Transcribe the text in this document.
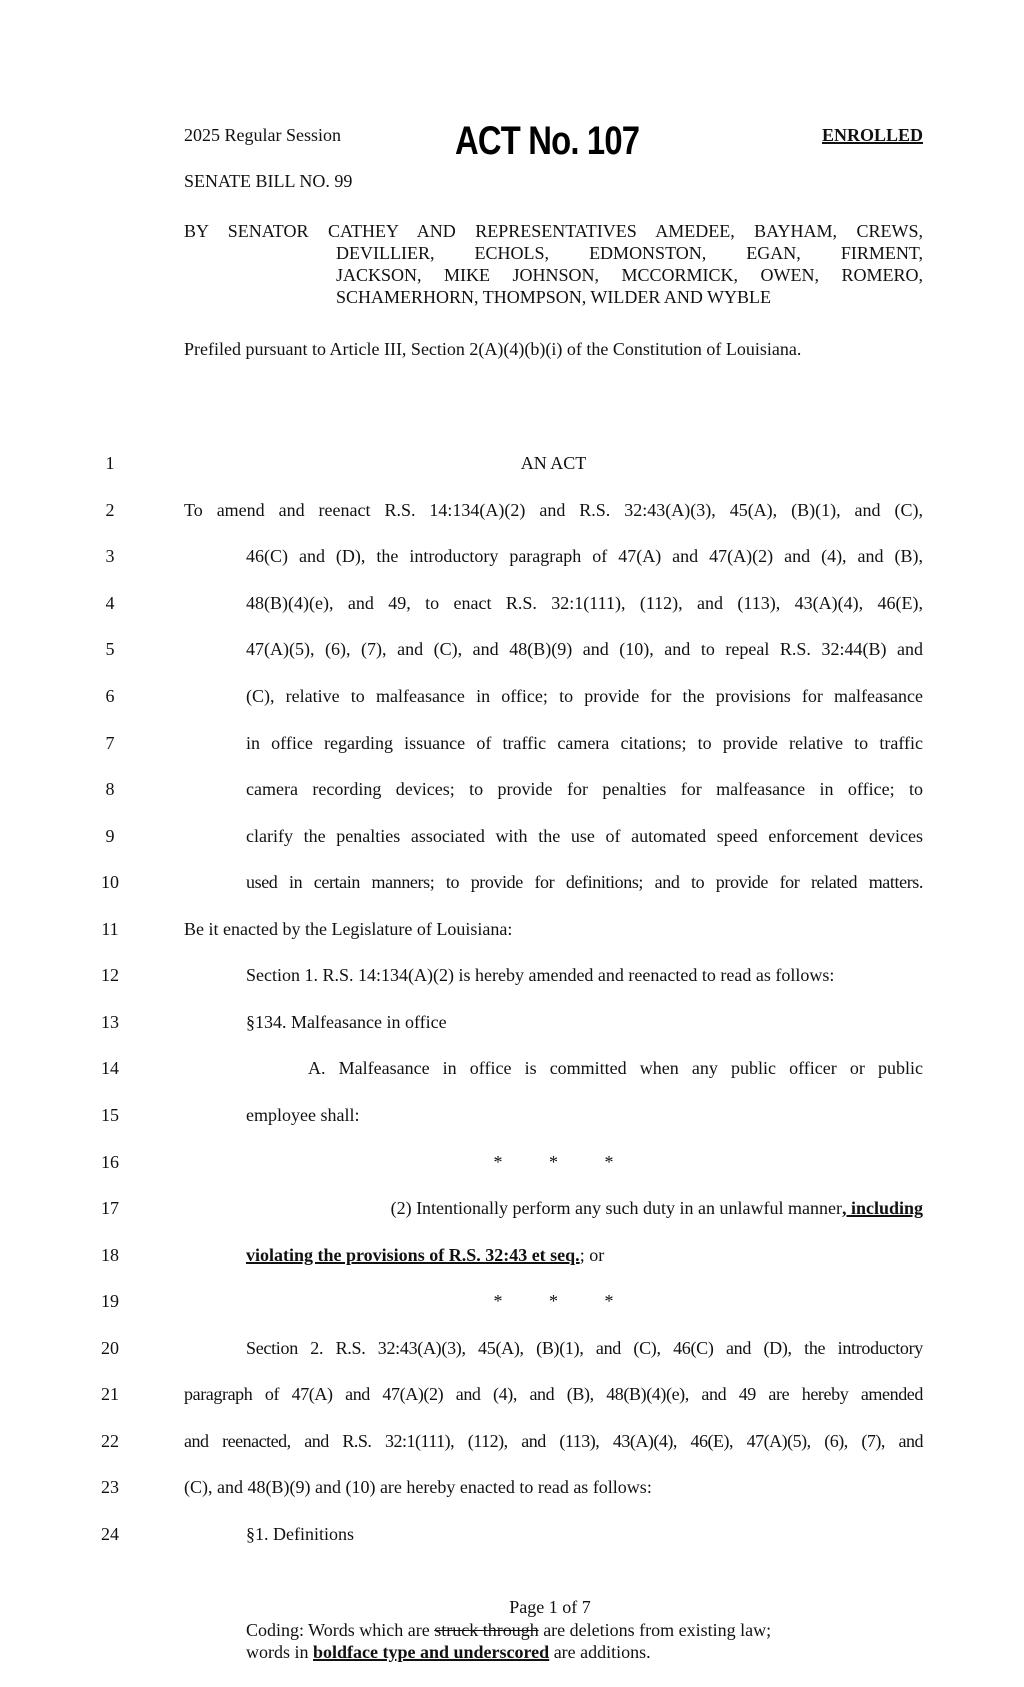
2025 Regular Session	ACT No. 107	ENROLLED
SENATE BILL NO. 99
BY SENATOR CATHEY AND REPRESENTATIVES AMEDEE, BAYHAM, CREWS,
DEVILLIER, ECHOLS, EDMONSTON, EGAN, FIRMENT,
JACKSON, MIKE JOHNSON, MCCORMICK, OWEN, ROMERO,
SCHAMERHORN, THOMPSON, WILDER AND WYBLE
Prefiled pursuant to Article III, Section 2(A)(4)(b)(i) of the Constitution of Louisiana.
1	AN ACT
2	To amend and reenact R.S. 14:134(A)(2) and R.S. 32:43(A)(3), 45(A), (B)(1), and (C),
3	46(C) and (D), the introductory paragraph of 47(A) and 47(A)(2) and (4), and (B),
4	48(B)(4)(e), and 49, to enact R.S. 32:1(111), (112), and (113), 43(A)(4), 46(E),
5	47(A)(5), (6), (7), and (C), and 48(B)(9) and (10), and to repeal R.S. 32:44(B) and
6	(C), relative to malfeasance in office; to provide for the provisions for malfeasance
7	in office regarding issuance of traffic camera citations; to provide relative to traffic
8	camera recording devices; to provide for penalties for malfeasance in office; to
9	clarify the penalties associated with the use of automated speed enforcement devices
10	used in certain manners; to provide for definitions; and to provide for related matters.
11	Be it enacted by the Legislature of Louisiana:
12	Section 1. R.S. 14:134(A)(2) is hereby amended and reenacted to read as follows:
13	§134. Malfeasance in office
14	A. Malfeasance in office is committed when any public officer or public
15	employee shall:
16	* * *
17	(2) Intentionally perform any such duty in an unlawful manner, including
18	violating the provisions of R.S. 32:43 et seq.; or
19	* * *
20	Section 2. R.S. 32:43(A)(3), 45(A), (B)(1), and (C), 46(C) and (D), the introductory
21	paragraph of 47(A) and 47(A)(2) and (4), and (B), 48(B)(4)(e), and 49 are hereby amended
22	and reenacted, and R.S. 32:1(111), (112), and (113), 43(A)(4), 46(E), 47(A)(5), (6), (7), and
23	(C), and 48(B)(9) and (10) are hereby enacted to read as follows:
24	§1. Definitions
Page 1 of 7
Coding: Words which are struck through are deletions from existing law;
words in boldface type and underscored are additions.
